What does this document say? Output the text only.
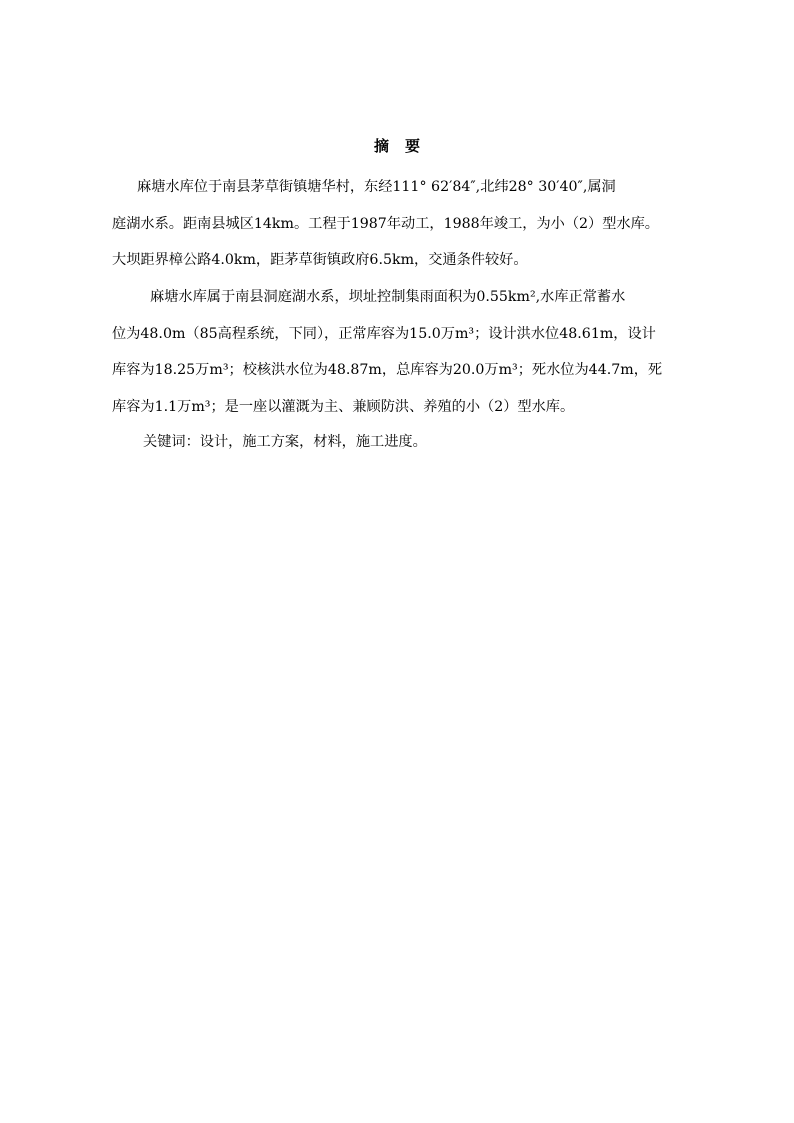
摘 要
麻塘水库位于南县茅草街镇塘华村，东经111° 62′84″,北纬28° 30′40″,属洞
庭湖水系。距南县城区14km。工程于1987年动工，1988年竣工，为小（2）型水库。
大坝距界樟公路4.0km，距茅草街镇政府6.5km，交通条件较好。
麻塘水库属于南县洞庭湖水系，坝址控制集雨面积为0.55km²,水库正常蓄水
位为48.0m（85高程系统，下同），正常库容为15.0万m³；设计洪水位48.61m，设计
库容为18.25万m³；校核洪水位为48.87m，总库容为20.0万m³；死水位为44.7m，死
库容为1.1万m³；是一座以灌溉为主、兼顾防洪、养殖的小（2）型水库。
关键词：设计，施工方案，材料，施工进度。
